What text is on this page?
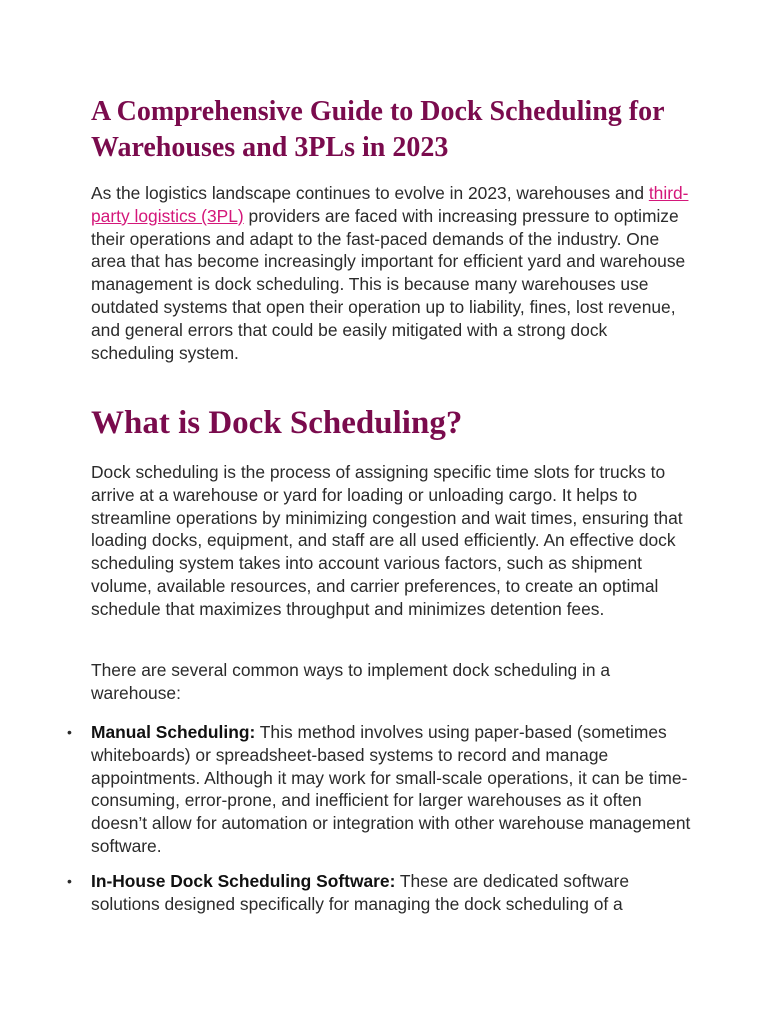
A Comprehensive Guide to Dock Scheduling for Warehouses and 3PLs in 2023

As the logistics landscape continues to evolve in 2023, warehouses and third-party logistics (3PL) providers are faced with increasing pressure to optimize their operations and adapt to the fast-paced demands of the industry. One area that has become increasingly important for efficient yard and warehouse management is dock scheduling. This is because many warehouses use outdated systems that open their operation up to liability, fines, lost revenue, and general errors that could be easily mitigated with a strong dock scheduling system.

What is Dock Scheduling?

Dock scheduling is the process of assigning specific time slots for trucks to arrive at a warehouse or yard for loading or unloading cargo. It helps to streamline operations by minimizing congestion and wait times, ensuring that loading docks, equipment, and staff are all used efficiently. An effective dock scheduling system takes into account various factors, such as shipment volume, available resources, and carrier preferences, to create an optimal schedule that maximizes throughput and minimizes detention fees.

There are several common ways to implement dock scheduling in a warehouse:

• Manual Scheduling: This method involves using paper-based (sometimes whiteboards) or spreadsheet-based systems to record and manage appointments. Although it may work for small-scale operations, it can be time-consuming, error-prone, and inefficient for larger warehouses as it often doesn’t allow for automation or integration with other warehouse management software.
• In-House Dock Scheduling Software: These are dedicated software solutions designed specifically for managing the dock scheduling of a
